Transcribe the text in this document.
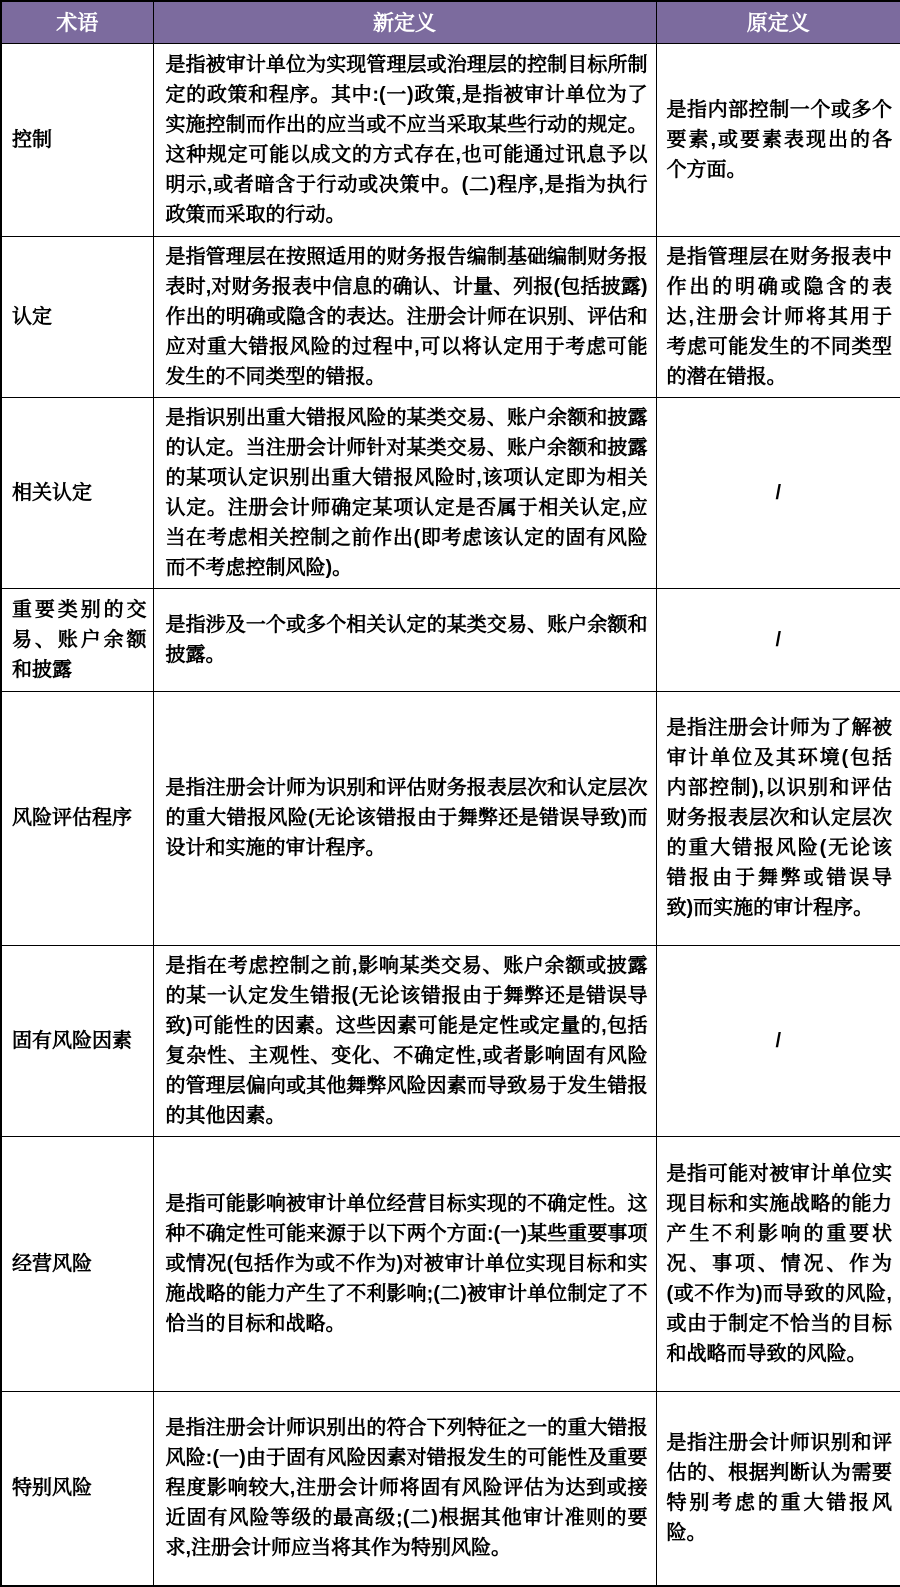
术语	新定义	原定义
控制	是指被审计单位为实现管理层或治理层的控制目标所制定的政策和程序。其中:(一)政策,是指被审计单位为了实施控制而作出的应当或不应当采取某些行动的规定。这种规定可能以成文的方式存在,也可能通过讯息予以明示,或者暗含于行动或决策中。(二)程序,是指为执行政策而采取的行动。	是指内部控制一个或多个要素,或要素表现出的各个方面。
认定	是指管理层在按照适用的财务报告编制基础编制财务报表时,对财务报表中信息的确认、计量、列报(包括披露) 作出的明确或隐含的表达。注册会计师在识别、评估和应对重大错报风险的过程中,可以将认定用于考虑可能发生的不同类型的错报。	是指管理层在财务报表中作出的明确或隐含的表达,注册会计师将其用于考虑可能发生的不同类型的潜在错报。
相关认定	是指识别出重大错报风险的某类交易、账户余额和披露的认定。当注册会计师针对某类交易、账户余额和披露的某项认定识别出重大错报风险时,该项认定即为相关认定。注册会计师确定某项认定是否属于相关认定,应当在考虑相关控制之前作出(即考虑该认定的固有风险而不考虑控制风险)。	/
重要类别的交易、账户余额和披露	是指涉及一个或多个相关认定的某类交易、账户余额和披露。	/
风险评估程序	是指注册会计师为识别和评估财务报表层次和认定层次的重大错报风险(无论该错报由于舞弊还是错误导致)而设计和实施的审计程序。	是指注册会计师为了解被审计单位及其环境(包括内部控制),以识别和评估财务报表层次和认定层次的重大错报风险(无论该错报由于舞弊或错误导致)而实施的审计程序。
固有风险因素	是指在考虑控制之前,影响某类交易、账户余额或披露的某一认定发生错报(无论该错报由于舞弊还是错误导致)可能性的因素。这些因素可能是定性或定量的,包括复杂性、主观性、变化、不确定性,或者影响固有风险的管理层偏向或其他舞弊风险因素而导致易于发生错报的其他因素。	/
经营风险	是指可能影响被审计单位经营目标实现的不确定性。这种不确定性可能来源于以下两个方面:(一)某些重要事项或情况(包括作为或不作为)对被审计单位实现目标和实施战略的能力产生了不利影响;(二)被审计单位制定了不恰当的目标和战略。	是指可能对被审计单位实现目标和实施战略的能力产生不利影响的重要状况、事项、情况、作为(或不作为)而导致的风险,或由于制定不恰当的目标和战略而导致的风险。
特别风险	是指注册会计师识别出的符合下列特征之一的重大错报风险:(一)由于固有风险因素对错报发生的可能性及重要程度影响较大,注册会计师将固有风险评估为达到或接近固有风险等级的最高级;(二)根据其他审计准则的要求,注册会计师应当将其作为特别风险。	是指注册会计师识别和评估的、根据判断认为需要特别考虑的重大错报风险。
